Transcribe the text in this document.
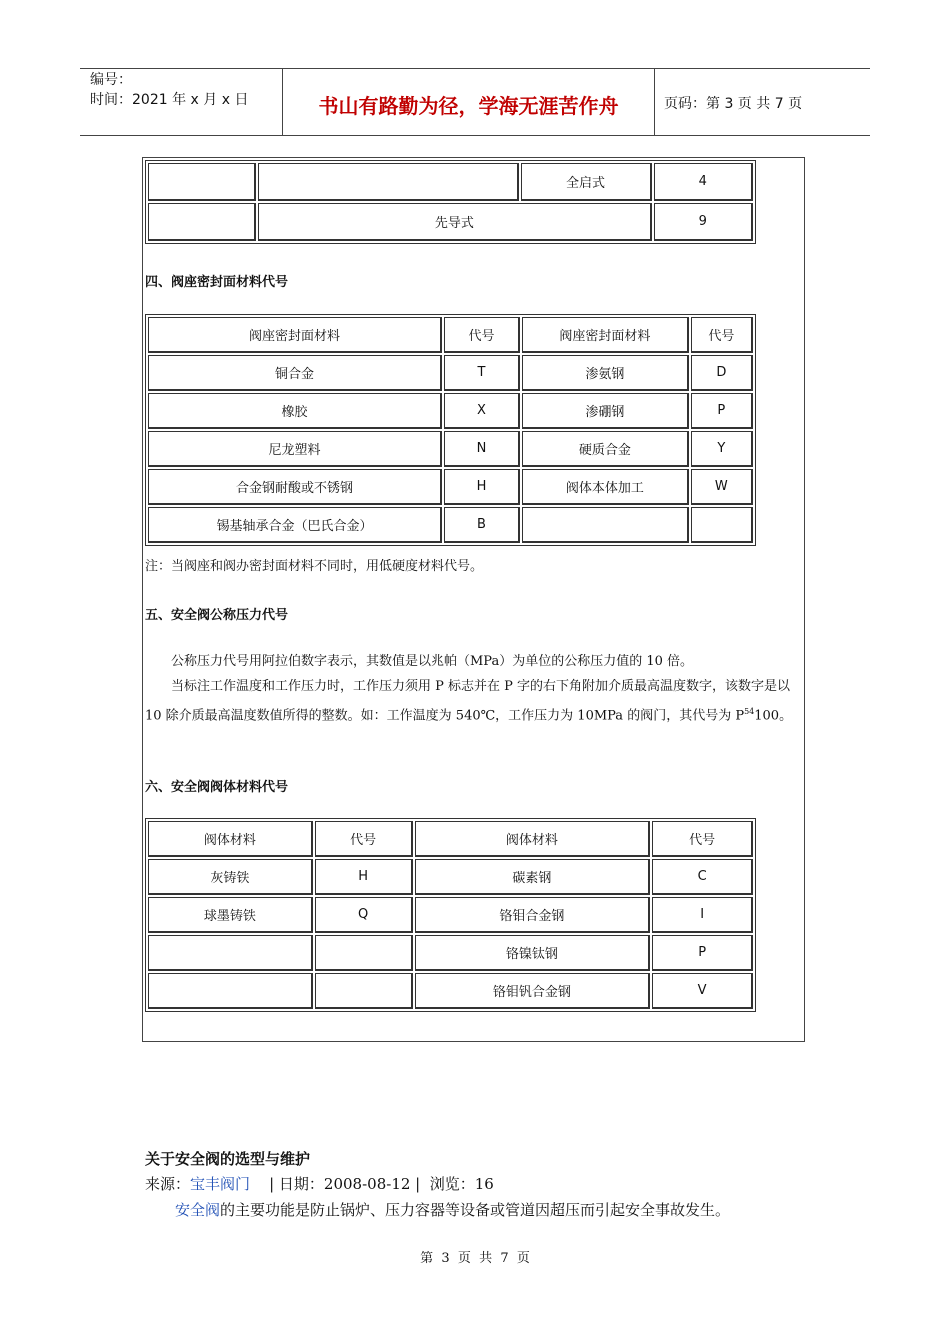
编号：
时间：2021 年 x 月 x 日	书山有路勤为径，学海无涯苦作舟	页码：第 3 页 共 7 页
		全启式	4
	先导式		9
四、阀座密封面材料代号
阀座密封面材料	代号	阀座密封面材料	代号
铜合金	T	渗氨钢	D
橡胶	X	渗硼钢	P
尼龙塑料	N	硬质合金	Y
合金钢耐酸或不锈钢	H	阀体本体加工	W
锡基轴承合金（巴氏合金）	B		
注：当阀座和阀办密封面材料不同时，用低硬度材料代号。
五、安全阀公称压力代号
公称压力代号用阿拉伯数字表示，其数值是以兆帕（MPa）为单位的公称压力值的 10 倍。
当标注工作温度和工作压力时，工作压力须用 P 标志并在 P 字的右下角附加介质最高温度数字，该数字是以 10 除介质最高温度数值所得的整数。如：工作温度为 540℃，工作压力为 10MPa 的阀门，其代号为 $P^{54}100$。
六、安全阀阀体材料代号
阀体材料	代号	阀体材料	代号
灰铸铁	H	碳素钢	C
球墨铸铁	Q	铬钼合金钢	I
		铬镍钛钢	P
		铬钼钒合金钢	V
关于安全阀的选型与维护
来源：宝丰阀门    | 日期：2008-08-12 |  浏览：16
安全阀的主要功能是防止锅炉、压力容器等设备或管道因超压而引起安全事故发生。
第  3  页  共  7  页
